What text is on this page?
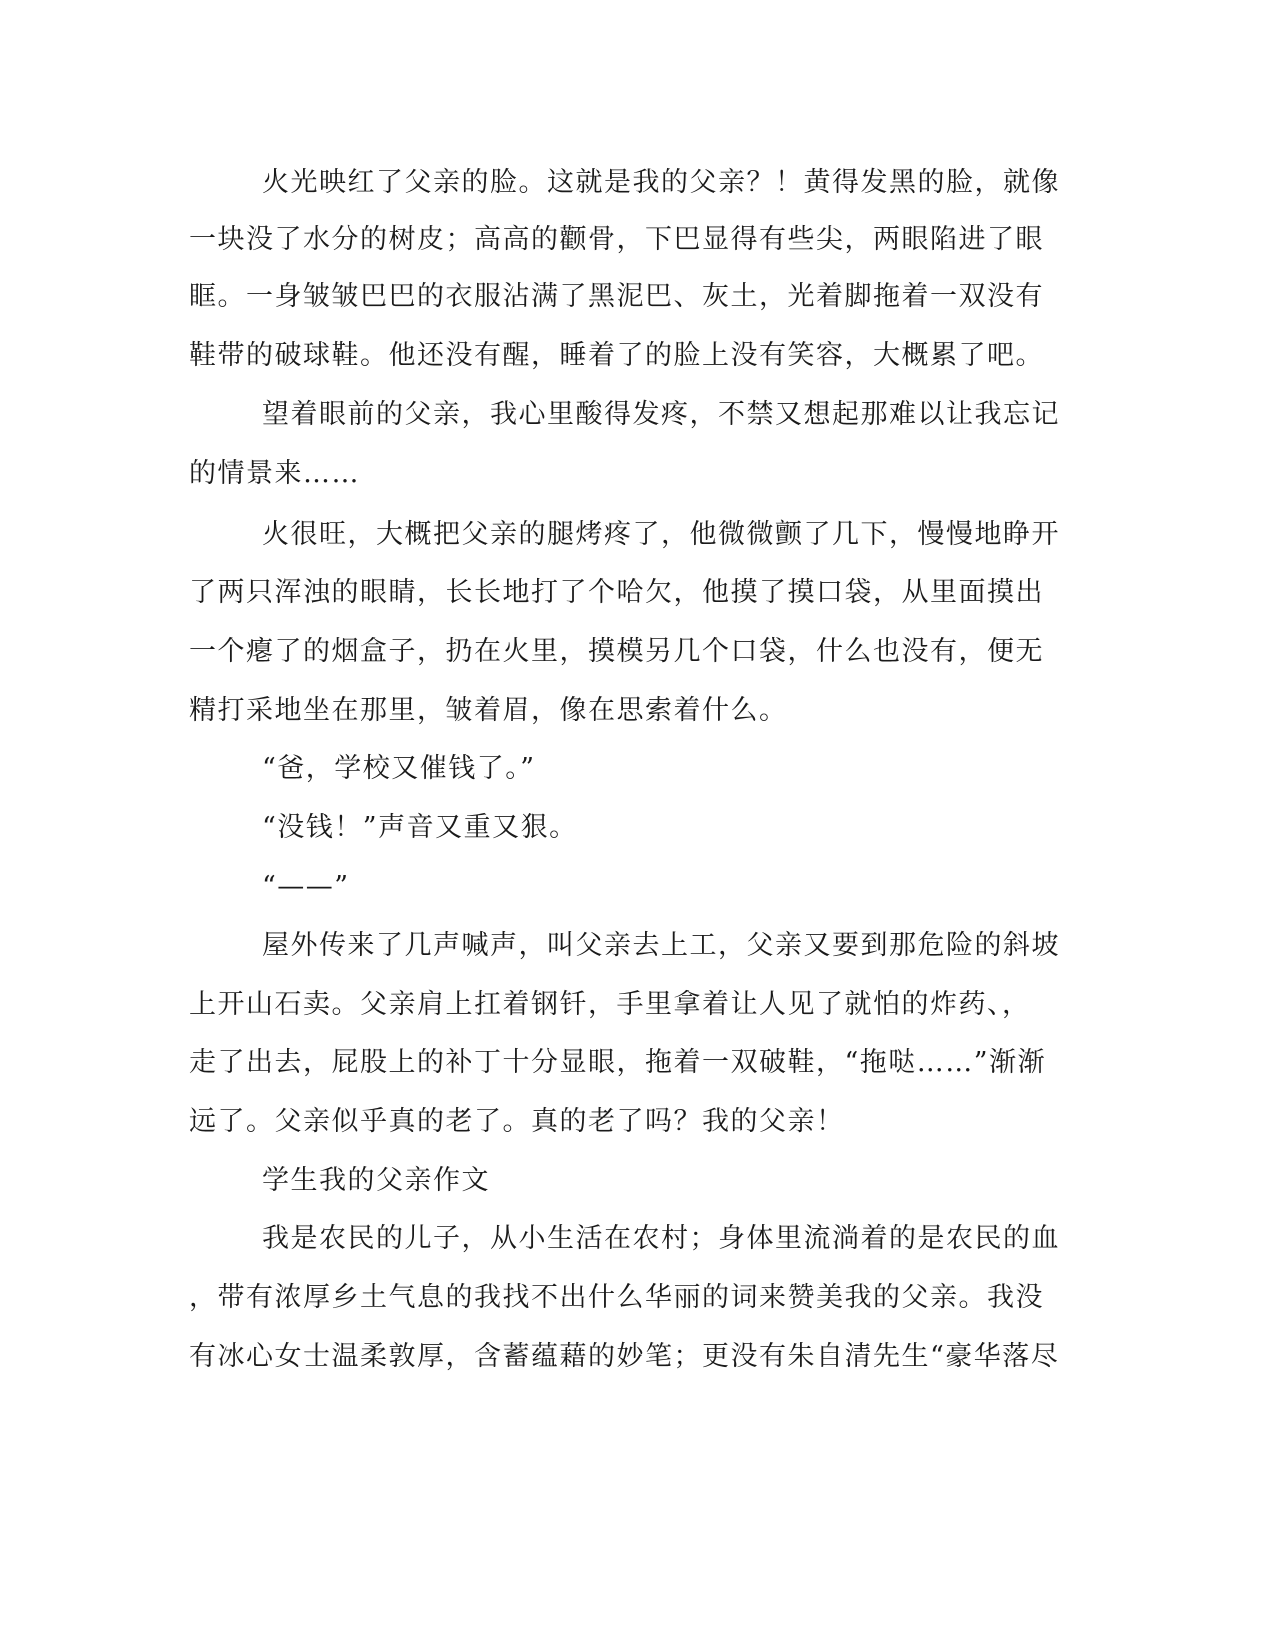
火光映红了父亲的脸。这就是我的父亲？！黄得发黑的脸，就像
一块没了水分的树皮；高高的颧骨，下巴显得有些尖，两眼陷进了眼
眶。一身皱皱巴巴的衣服沾满了黑泥巴、灰土，光着脚拖着一双没有
鞋带的破球鞋。他还没有醒，睡着了的脸上没有笑容，大概累了吧。
望着眼前的父亲，我心里酸得发疼，不禁又想起那难以让我忘记
的情景来……
火很旺，大概把父亲的腿烤疼了，他微微颤了几下，慢慢地睁开
了两只浑浊的眼睛，长长地打了个哈欠，他摸了摸口袋，从里面摸出
一个瘪了的烟盒子，扔在火里，摸模另几个口袋，什么也没有，便无
精打采地坐在那里，皱着眉，像在思索着什么。
“爸，学校又催钱了。”
“没钱！”声音又重又狠。
“——”
屋外传来了几声喊声，叫父亲去上工，父亲又要到那危险的斜坡
上开山石卖。父亲肩上扛着钢钎，手里拿着让人见了就怕的炸药、，
走了出去，屁股上的补丁十分显眼，拖着一双破鞋，“拖哒……”渐渐
远了。父亲似乎真的老了。真的老了吗？我的父亲！
学生我的父亲作文
我是农民的儿子，从小生活在农村；身体里流淌着的是农民的血
，带有浓厚乡土气息的我找不出什么华丽的词来赞美我的父亲。我没
有冰心女士温柔敦厚，含蓄蕴藉的妙笔；更没有朱自清先生“豪华落尽
